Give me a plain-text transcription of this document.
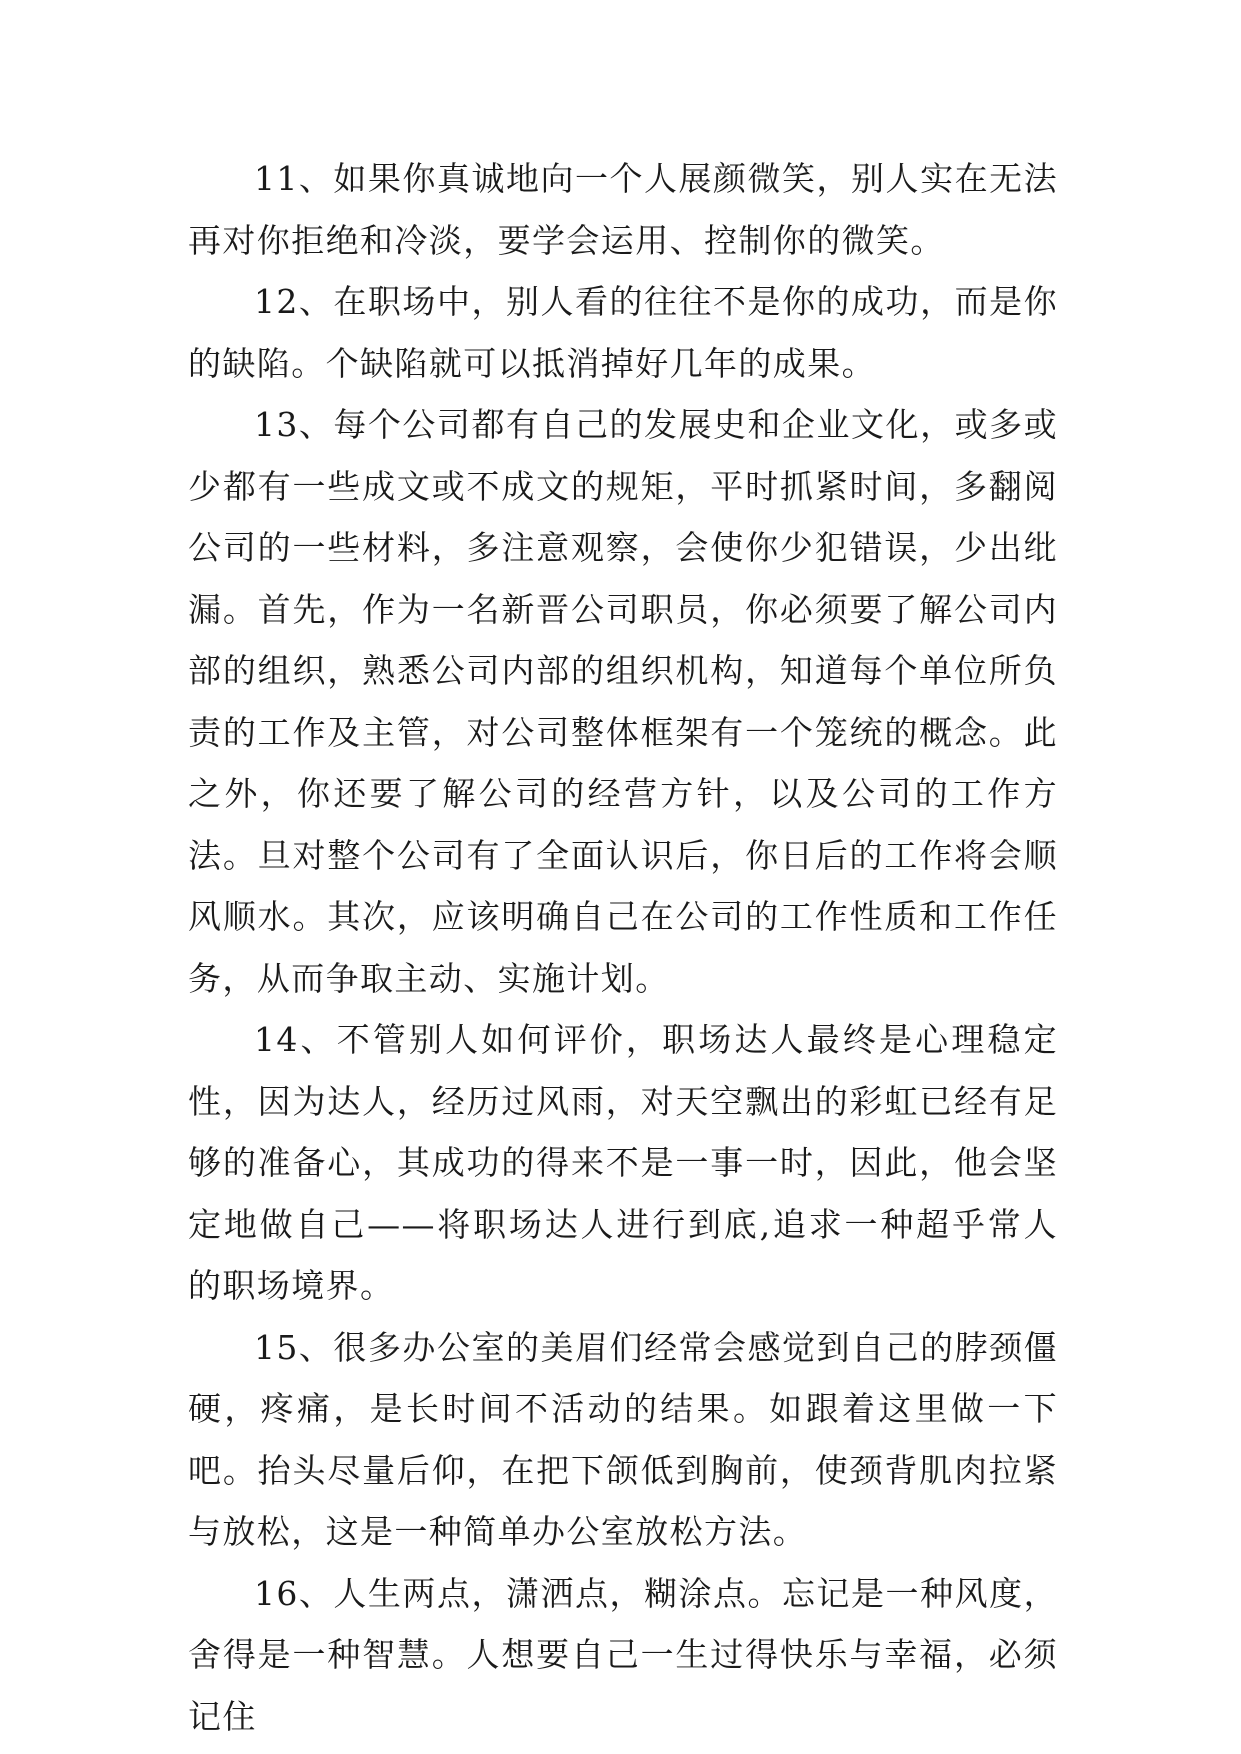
11、如果你真诚地向一个人展颜微笑，别人实在无法再对你拒绝和冷淡，要学会运用、控制你的微笑。

12、在职场中，别人看的往往不是你的成功，而是你的缺陷。个缺陷就可以抵消掉好几年的成果。

13、每个公司都有自己的发展史和企业文化，或多或少都有一些成文或不成文的规矩，平时抓紧时间，多翻阅公司的一些材料，多注意观察，会使你少犯错误，少出纰漏。首先，作为一名新晋公司职员，你必须要了解公司内部的组织，熟悉公司内部的组织机构，知道每个单位所负责的工作及主管，对公司整体框架有一个笼统的概念。此之外，你还要了解公司的经营方针，以及公司的工作方法。旦对整个公司有了全面认识后，你日后的工作将会顺风顺水。其次，应该明确自己在公司的工作性质和工作任务，从而争取主动、实施计划。

14、不管别人如何评价，职场达人最终是心理稳定性，因为达人，经历过风雨，对天空飘出的彩虹已经有足够的准备心，其成功的得来不是一事一时，因此，他会坚定地做自己——将职场达人进行到底,追求一种超乎常人的职场境界。

15、很多办公室的美眉们经常会感觉到自己的脖颈僵硬，疼痛，是长时间不活动的结果。如跟着这里做一下吧。抬头尽量后仰，在把下颌低到胸前，使颈背肌肉拉紧与放松，这是一种简单办公室放松方法。

16、人生两点，潇洒点，糊涂点。忘记是一种风度，舍得是一种智慧。人想要自己一生过得快乐与幸福，必须记住
